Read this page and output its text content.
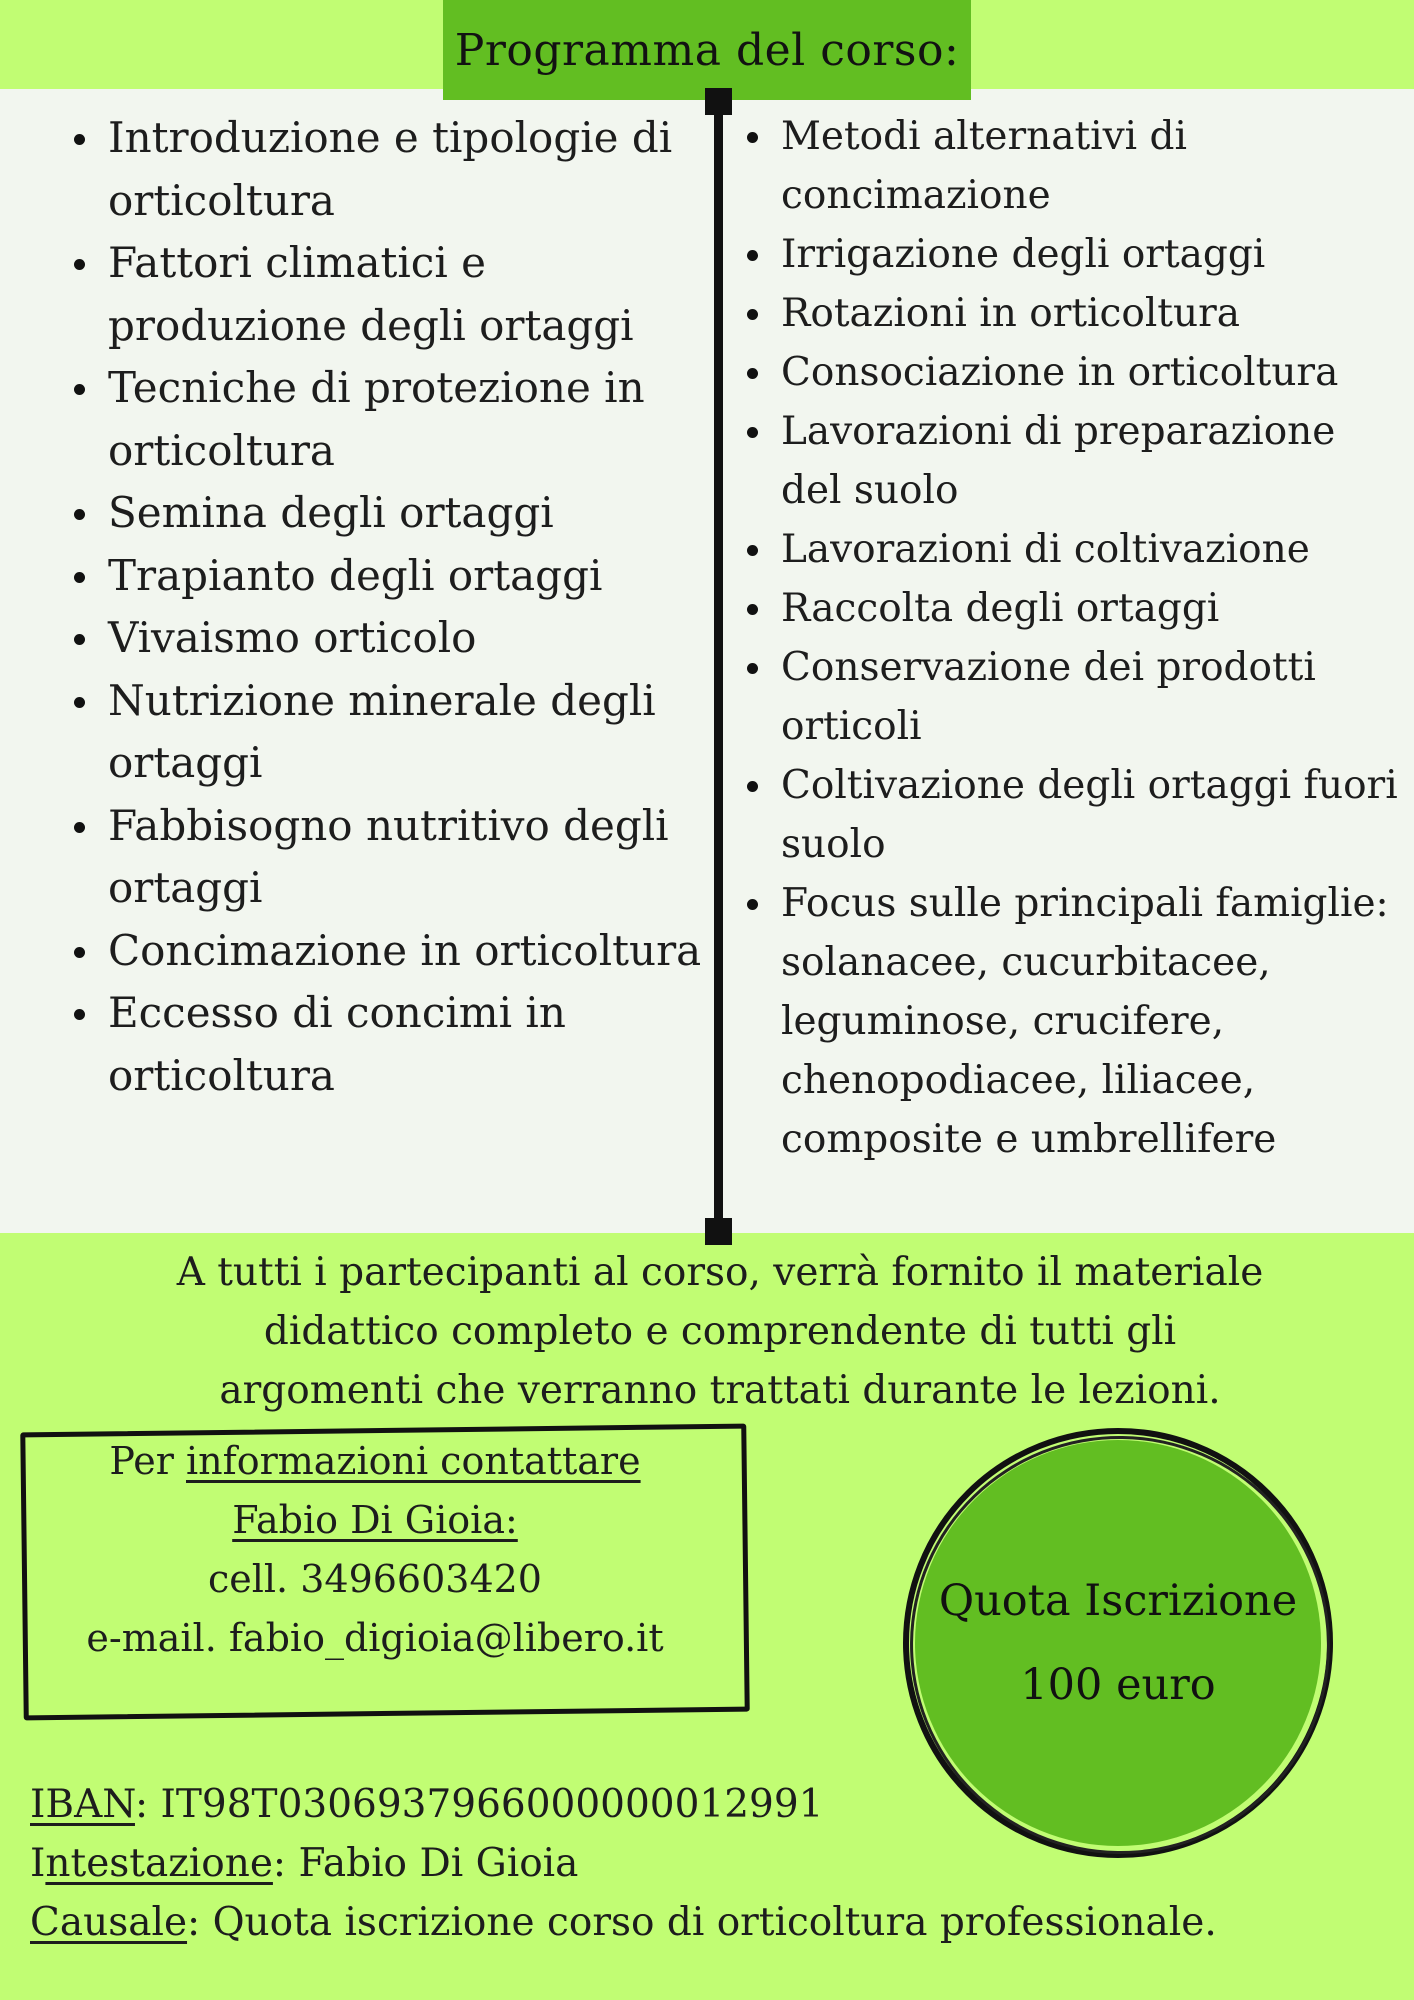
Programma del corso:
Introduzione e tipologie di orticoltura
Fattori climatici e produzione degli ortaggi
Tecniche di protezione in orticoltura
Semina degli ortaggi
Trapianto degli ortaggi
Vivaismo orticolo
Nutrizione minerale degli ortaggi
Fabbisogno nutritivo degli ortaggi
Concimazione in orticoltura
Eccesso di concimi in orticoltura
Metodi alternativi di concimazione
Irrigazione degli ortaggi
Rotazioni in orticoltura
Consociazione in orticoltura
Lavorazioni di preparazione del suolo
Lavorazioni di coltivazione
Raccolta degli ortaggi
Conservazione dei prodotti orticoli
Coltivazione degli ortaggi fuori suolo
Focus sulle principali famiglie: solanacee, cucurbitacee, leguminose, crucifere, chenopodiacee, liliacee, composite e umbrellifere
A tutti i partecipanti al corso, verrà fornito il materiale
didattico completo e comprendente di tutti gli
argomenti che verranno trattati durante le lezioni.
Per informazioni contattare
Fabio Di Gioia:
cell. 3496603420
e-mail. fabio_digioia@libero.it
Quota Iscrizione
100 euro
IBAN: IT98T0306937966000000012991
Intestazione: Fabio Di Gioia
Causale: Quota iscrizione corso di orticoltura professionale.
